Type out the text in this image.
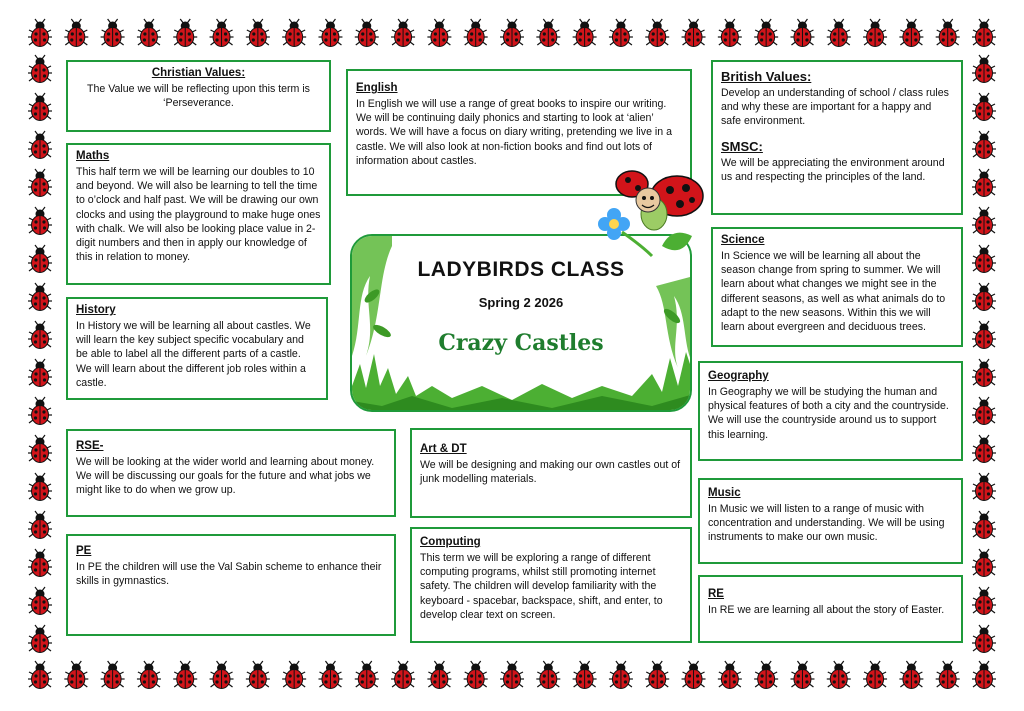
Christian Values:

The Value we will be reflecting upon this term is ‘Perseverance.

Maths

This half term we will be learning our doubles to 10 and beyond. We will also be learning to tell the time to o’clock and half past. We will be drawing our own clocks and using the playground to make huge ones with chalk. We will also be looking place value in 2-digit numbers and then in apply our knowledge of this in relation to money.

History

In History we will be learning all about castles. We will learn the key subject specific vocabulary and be able to label all the different parts of a castle. We will learn about the different job roles within a castle.

RSE-

We will be looking at the wider world and learning about money. We will be discussing our goals for the future and what jobs we might like to do when we grow up.

PE

In PE the children will use the Val Sabin scheme to enhance their skills in gymnastics.

English

In English we will use a range of great books to inspire our writing. We will be continuing daily phonics and starting to look at ‘alien’ words. We will have a focus on diary writing, pretending we live in a castle. We will also look at non-fiction books and find out lots of information about castles.

LADYBIRDS CLASS
Spring 2 2026
Crazy Castles
Art & DT

We will be designing and making our own castles out of junk modelling materials.

Computing

This term we will be exploring a range of different computing programs, whilst still promoting internet safety. The children will develop familiarity with the keyboard - spacebar, backspace, shift, and enter, to develop clear text on screen.

British Values:

Develop an understanding of school / class rules and why these are important for a happy and safe environment.

SMSC:

We will be appreciating the environment around us and respecting the principles of the land.

Science

In Science we will be learning all about the season change from spring to summer. We will learn about what changes we might see in the different seasons, as well as what animals do to adapt to the new seasons. Within this we will learn about evergreen and deciduous trees.

Geography

In Geography we will be studying the human and physical features of both a city and the countryside. We will use the countryside around us to support this learning.

Music

In Music we will listen to a range of music with concentration and understanding. We will be using instruments to make our own music.

RE

In RE we are learning all about the story of Easter.
